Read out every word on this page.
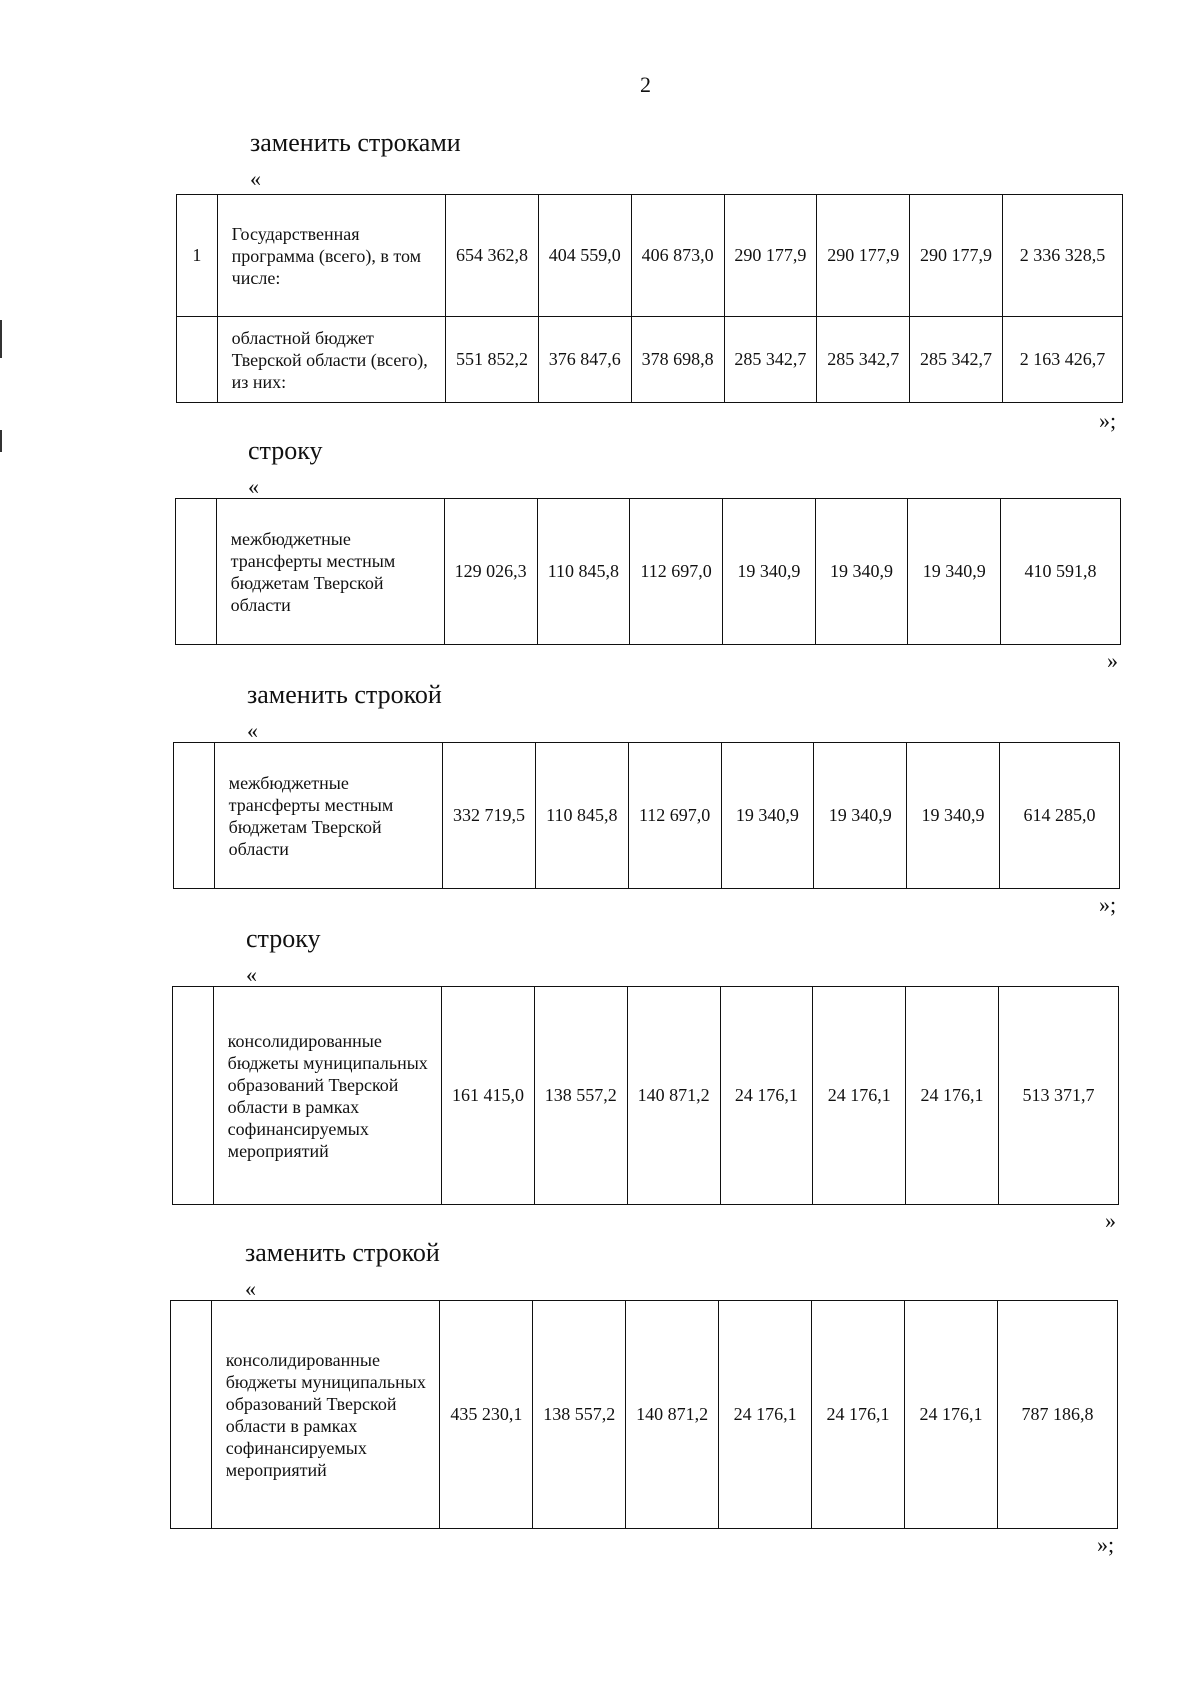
2
заменить строками
«
1	Государственная программа (всего), в том числе:	654 362,8	404 559,0	406 873,0	290 177,9	290 177,9	290 177,9	2 336 328,5
	областной бюджет Тверской области (всего), из них:	551 852,2	376 847,6	378 698,8	285 342,7	285 342,7	285 342,7	2 163 426,7
»;
строку
«
	межбюджетные трансферты местным бюджетам Тверской области	129 026,3	110 845,8	112 697,0	19 340,9	19 340,9	19 340,9	410 591,8
»
заменить строкой
«
	межбюджетные трансферты местным бюджетам Тверской области	332 719,5	110 845,8	112 697,0	19 340,9	19 340,9	19 340,9	614 285,0
»;
строку
«
	консолидированные бюджеты муниципальных образований Тверской области в рамках софинансируемых мероприятий	161 415,0	138 557,2	140 871,2	24 176,1	24 176,1	24 176,1	513 371,7
»
заменить строкой
«
	консолидированные бюджеты муниципальных образований Тверской области в рамках софинансируемых мероприятий	435 230,1	138 557,2	140 871,2	24 176,1	24 176,1	24 176,1	787 186,8
»;
